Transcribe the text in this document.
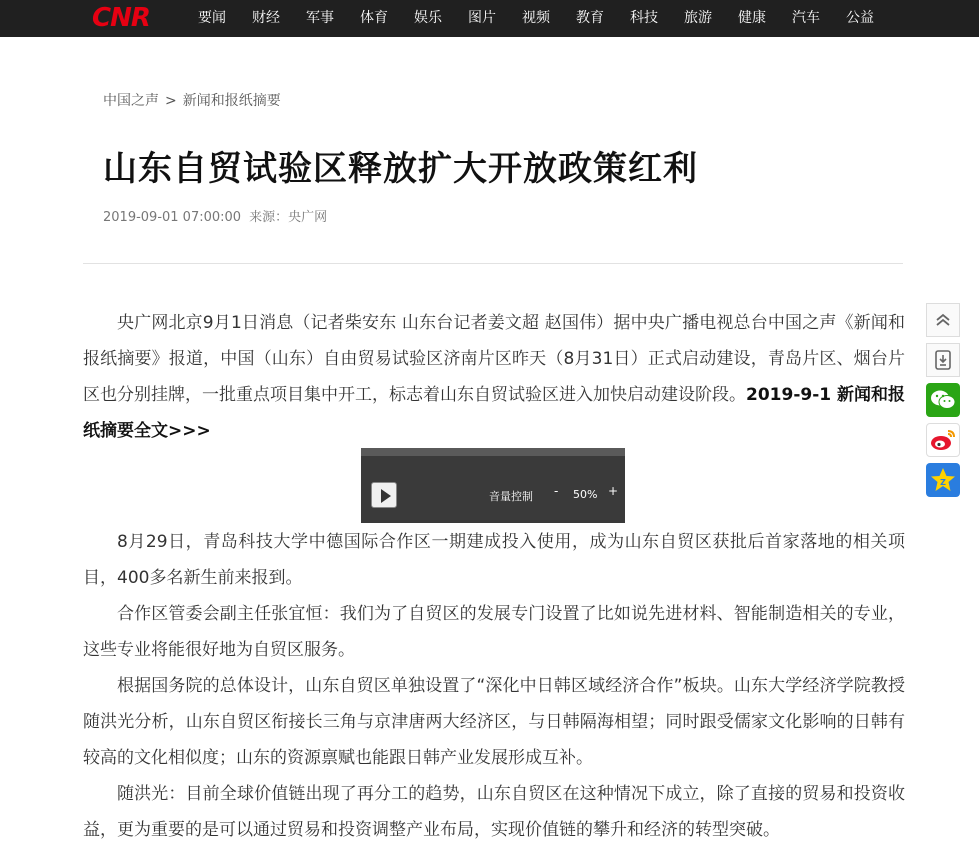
CNR	要闻	财经	军事	体育	娱乐	图片	视频	教育	科技	旅游	健康	汽车	公益
中国之声 > 新闻和报纸摘要
山东自贸试验区释放扩大开放政策红利
2019-09-01 07:00:00 来源：央广网

央广网北京9月1日消息（记者柴安东 山东台记者姜文超 赵国伟）据中央广播电视总台中国之声《新闻和报纸摘要》报道，中国（山东）自由贸易试验区济南片区昨天（8月31日）正式启动建设，青岛片区、烟台片区也分别挂牌，一批重点项目集中开工，标志着山东自贸试验区进入加快启动建设阶段。2019-9-1 新闻和报纸摘要全文>>>

音量控制 - 50% +

8月29日，青岛科技大学中德国际合作区一期建成投入使用，成为山东自贸区获批后首家落地的相关项目，400多名新生前来报到。

合作区管委会副主任张宜恒：我们为了自贸区的发展专门设置了比如说先进材料、智能制造相关的专业，这些专业将能很好地为自贸区服务。

根据国务院的总体设计，山东自贸区单独设置了“深化中日韩区域经济合作”板块。山东大学经济学院教授随洪光分析，山东自贸区衔接长三角与京津唐两大经济区，与日韩隔海相望；同时跟受儒家文化影响的日韩有较高的文化相似度；山东的资源禀赋也能跟日韩产业发展形成互补。

随洪光：目前全球价值链出现了再分工的趋势，山东自贸区在这种情况下成立，除了直接的贸易和投资收益，更为重要的是可以通过贸易和投资调整产业布局，实现价值链的攀升和经济的转型突破。

Z
